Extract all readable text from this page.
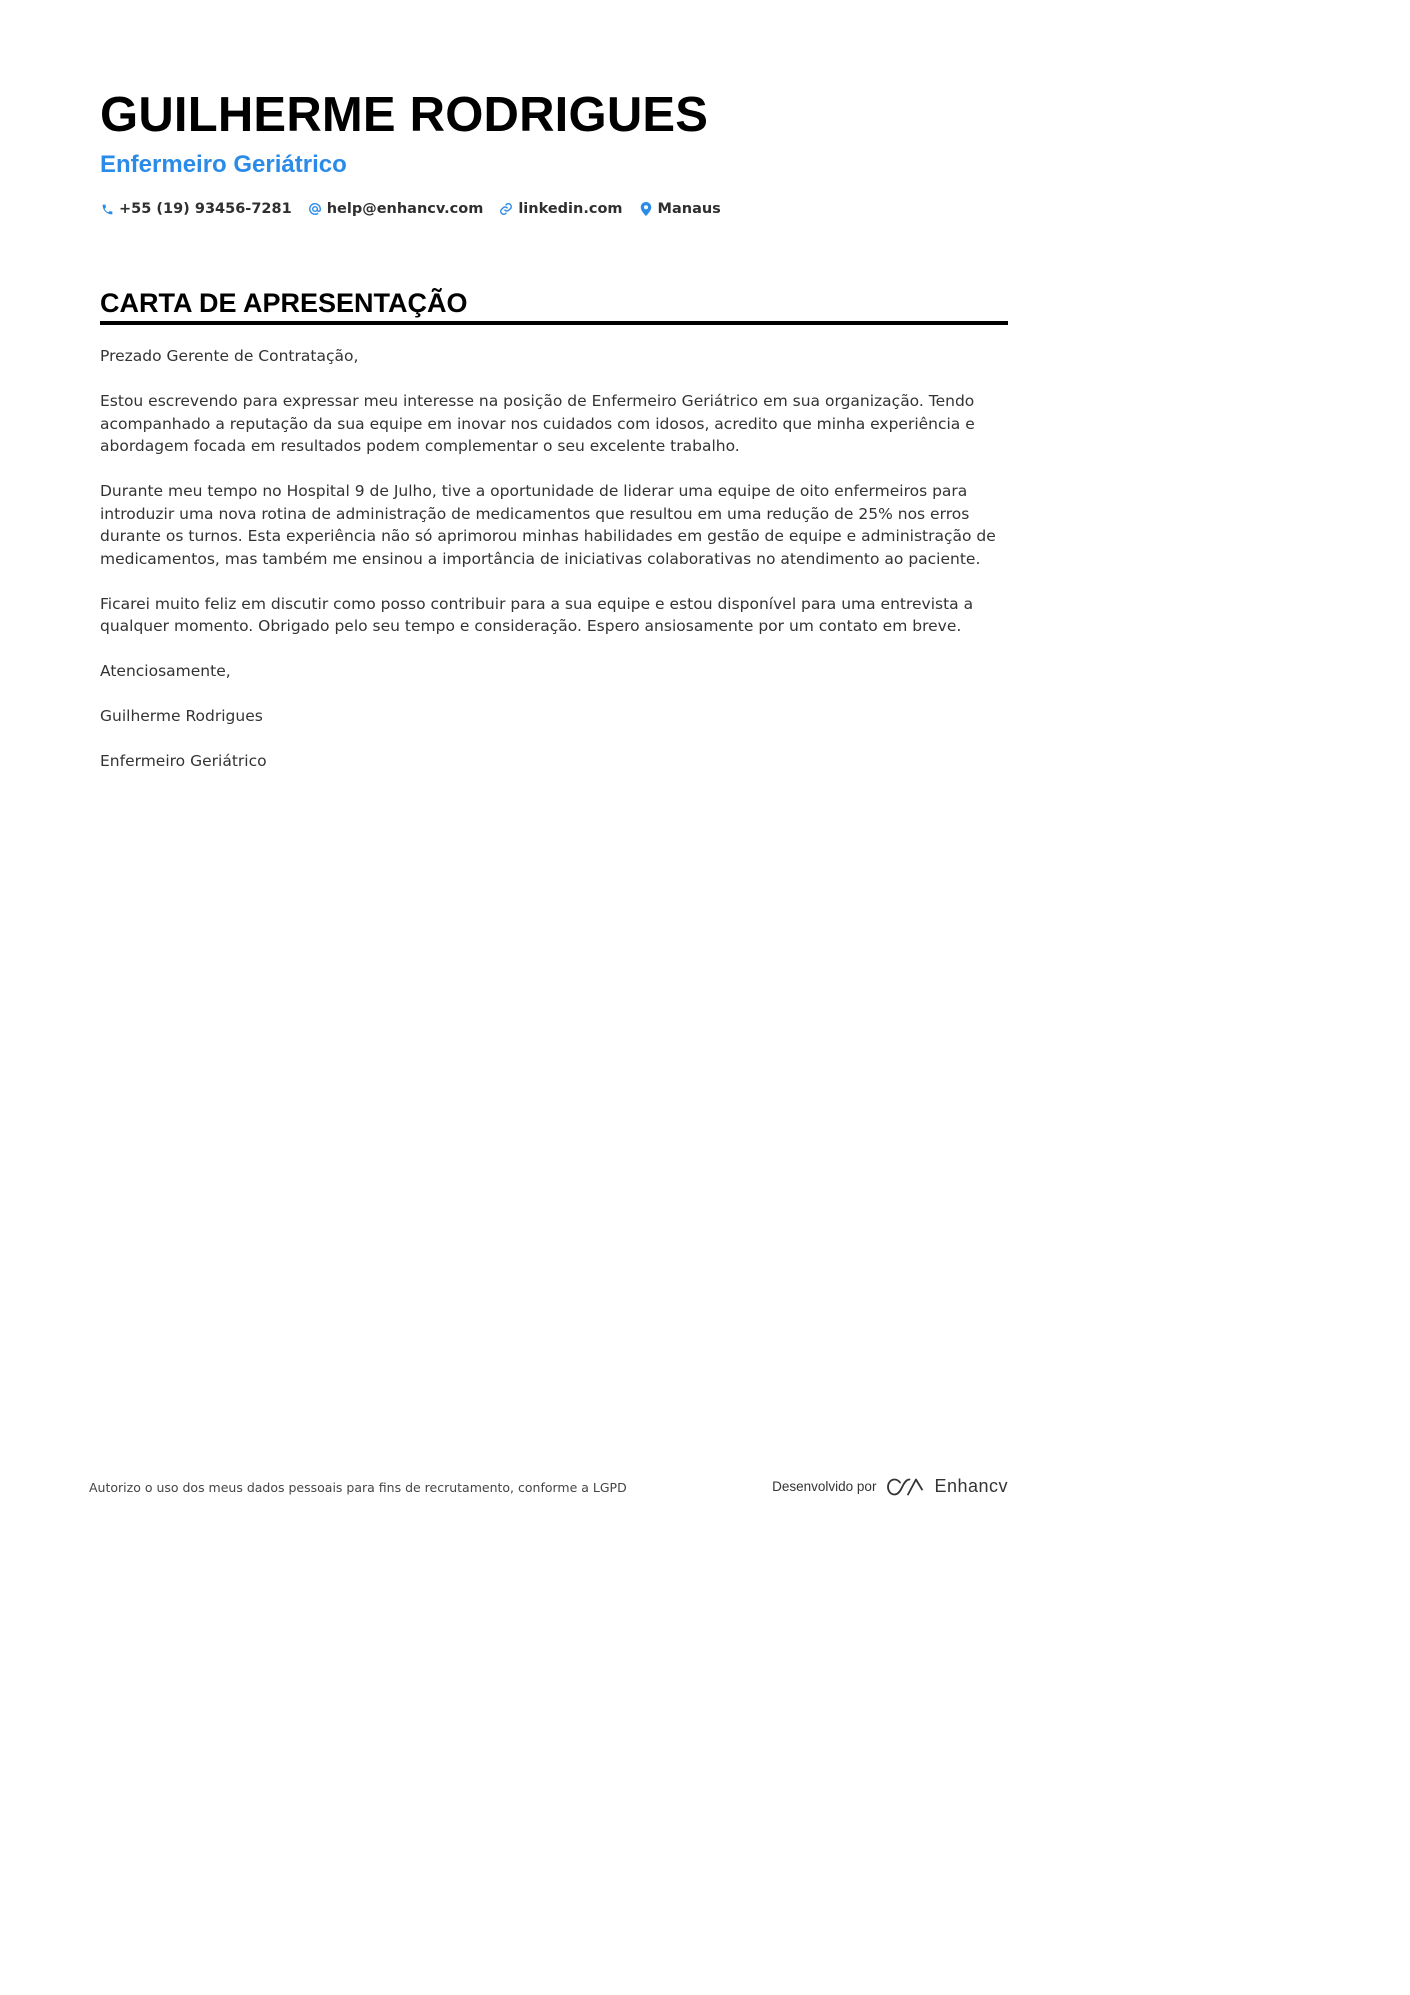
GUILHERME RODRIGUES
Enfermeiro Geriátrico
+55 (19) 93456-7281 help@enhancv.com linkedin.com Manaus
CARTA DE APRESENTAÇÃO

Prezado Gerente de Contratação,

Estou escrevendo para expressar meu interesse na posição de Enfermeiro Geriátrico em sua organização. Tendo acompanhado a reputação da sua equipe em inovar nos cuidados com idosos, acredito que minha experiência e abordagem focada em resultados podem complementar o seu excelente trabalho.

Durante meu tempo no Hospital 9 de Julho, tive a oportunidade de liderar uma equipe de oito enfermeiros para introduzir uma nova rotina de administração de medicamentos que resultou em uma redução de 25% nos erros durante os turnos. Esta experiência não só aprimorou minhas habilidades em gestão de equipe e administração de medicamentos, mas também me ensinou a importância de iniciativas colaborativas no atendimento ao paciente.

Ficarei muito feliz em discutir como posso contribuir para a sua equipe e estou disponível para uma entrevista a qualquer momento. Obrigado pelo seu tempo e consideração. Espero ansiosamente por um contato em breve.

Atenciosamente,

Guilherme Rodrigues

Enfermeiro Geriátrico

Autorizo o uso dos meus dados pessoais para fins de recrutamento, conforme a LGPD	Desenvolvido por	Enhancv
